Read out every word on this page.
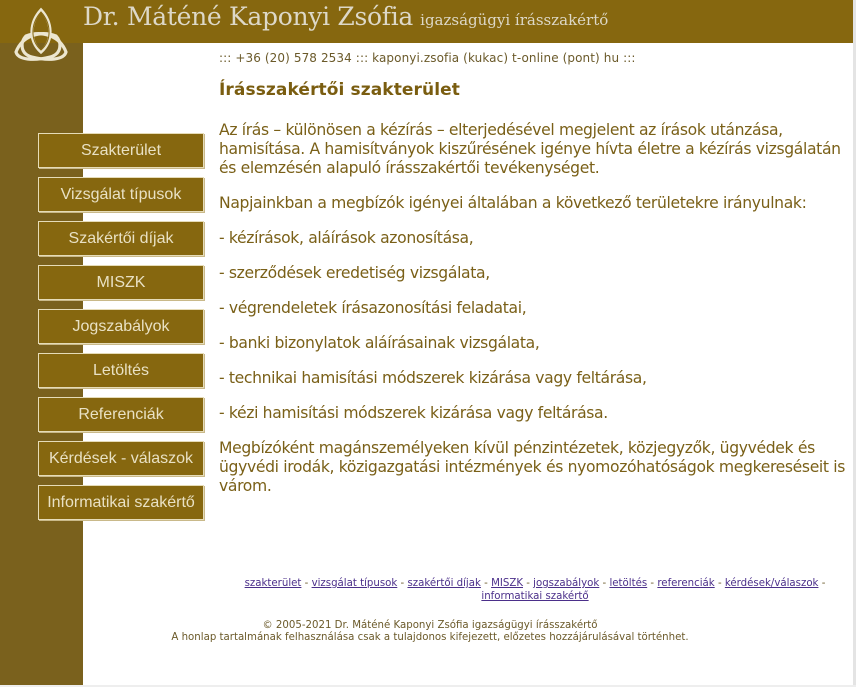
Dr. Máténé Kaponyi Zsófia igazságügyi írásszakértő
::: +36 (20) 578 2534 ::: kaponyi.zsofia (kukac) t-online (pont) hu :::
Szakterület
Vizsgálat típusok
Szakértői díjak
MISZK
Jogszabályok
Letöltés
Referenciák
Kérdések - válaszok
Informatikai szakértő
Írásszakértői szakterület

Az írás – különösen a kézírás – elterjedésével megjelent az írások utánzása, hamisítása. A hamisítványok kiszűrésének igénye hívta életre a kézírás vizsgálatán és elemzésén alapuló írásszakértői tevékenységet.

Napjainkban a megbízók igényei általában a következő területekre irányulnak:

- kézírások, aláírások azonosítása,

- szerződések eredetiség vizsgálata,

- végrendeletek írásazonosítási feladatai,

- banki bizonylatok aláírásainak vizsgálata,

- technikai hamisítási módszerek kizárása vagy feltárása,

- kézi hamisítási módszerek kizárása vagy feltárása.

Megbízóként magánszemélyeken kívül pénzintézetek, közjegyzők, ügyvédek és ügyvédi irodák, közigazgatási intézmények és nyomozóhatóságok megkereséseit is várom.

szakterület - vizsgálat típusok - szakértői díjak - MISZK - jogszabályok - letöltés - referenciák - kérdések/válaszok -
informatikai szakértő
© 2005-2021 Dr. Máténé Kaponyi Zsófia igazságügyi írásszakértő
A honlap tartalmának felhasználása csak a tulajdonos kifejezett, előzetes hozzájárulásával történhet.
